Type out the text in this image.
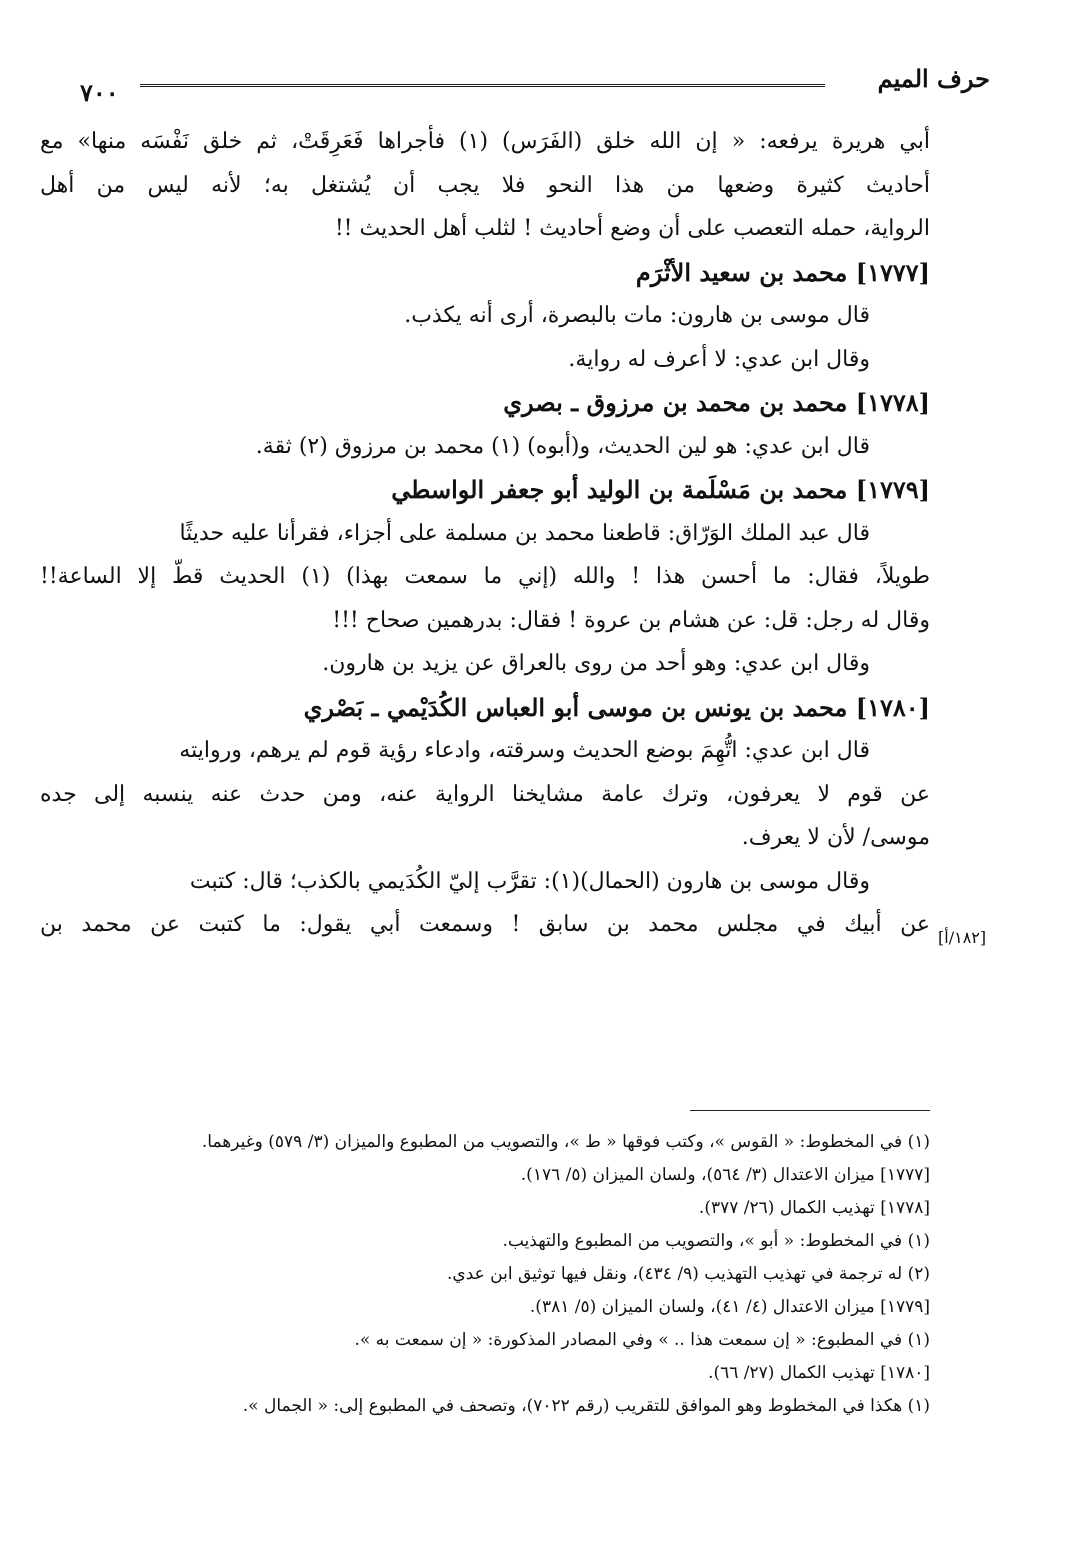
حرف الميم
٧٠٠
أبي هريرة يرفعه: « إن الله خلق (الفَرَس) (١) فأجراها فَعَرِقَتْ، ثم خلق نَفْسَه منها» مع
أحاديث كثيرة وضعها من هذا النحو فلا يجب أن يُشتغل به؛ لأنه ليس من أهل
الرواية، حمله التعصب على أن وضع أحاديث ! لثلب أهل الحديث !!
[١٧٧٧] محمد بن سعيد الأثْرَم
قال موسى بن هارون: مات بالبصرة، أرى أنه يكذب.
وقال ابن عدي: لا أعرف له رواية.
[١٧٧٨] محمد بن محمد بن مرزوق ـ بصري
قال ابن عدي: هو لين الحديث، و(أبوه) (١) محمد بن مرزوق (٢) ثقة.
[١٧٧٩] محمد بن مَسْلَمة بن الوليد أبو جعفر الواسطي
قال عبد الملك الوَرّاق: قاطعنا محمد بن مسلمة على أجزاء، فقرأنا عليه حديثًا
طويلاً، فقال: ما أحسن هذا ! والله (إني ما سمعت بهذا) (١) الحديث قطّ إلا الساعة!!
وقال له رجل: قل: عن هشام بن عروة ! فقال: بدرهمين صحاح !!!
وقال ابن عدي: وهو أحد من روى بالعراق عن يزيد بن هارون.
[١٧٨٠] محمد بن يونس بن موسى أبو العباس الكُدَيْمي ـ بَصْري
قال ابن عدي: اتُّهِمَ بوضع الحديث وسرقته، وادعاء رؤية قوم لم يرهم، وروايته
عن قوم لا يعرفون، وترك عامة مشايخنا الرواية عنه، ومن حدث عنه ينسبه إلى جده
موسى/ لأن لا يعرف.
وقال موسى بن هارون (الحمال)(١): تقرَّب إليّ الكُدَيمي بالكذب؛ قال: كتبت
عن أبيك في مجلس محمد بن سابق ! وسمعت أبي يقول: ما كتبت عن محمد بن
[١٨٢/أ]
(١) في المخطوط: « القوس »، وكتب فوقها « ط »، والتصويب من المطبوع والميزان (٣/ ٥٧٩) وغيرهما.
[١٧٧٧] ميزان الاعتدال (٣/ ٥٦٤)، ولسان الميزان (٥/ ١٧٦).
[١٧٧٨] تهذيب الكمال (٢٦/ ٣٧٧).
(١) في المخطوط: « أبو »، والتصويب من المطبوع والتهذيب.
(٢) له ترجمة في تهذيب التهذيب (٩/ ٤٣٤)، ونقل فيها توثيق ابن عدي.
[١٧٧٩] ميزان الاعتدال (٤/ ٤١)، ولسان الميزان (٥/ ٣٨١).
(١) في المطبوع: « إن سمعت هذا .. » وفي المصادر المذكورة: « إن سمعت به ».
[١٧٨٠] تهذيب الكمال (٢٧/ ٦٦).
(١) هكذا في المخطوط وهو الموافق للتقريب (رقم ٧٠٢٢)، وتصحف في المطبوع إلى: « الجمال ».
